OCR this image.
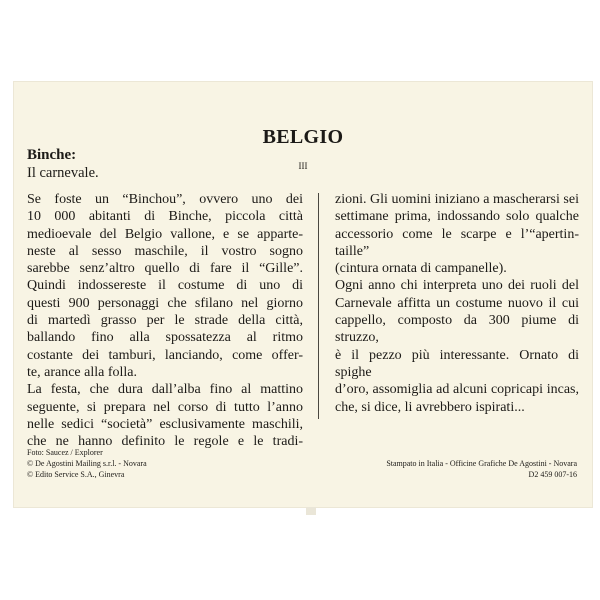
BELGIO
III
Binche:
Il carnevale.
Se foste un “Binchou”, ovvero uno dei
10 000 abitanti di Binche, piccola città
medioevale del Belgio vallone, e se apparte-
neste al sesso maschile, il vostro sogno
sarebbe senz’altro quello di fare il “Gille”.
Quindi indossereste il costume di uno di
questi 900 personaggi che sfilano nel giorno
di martedì grasso per le strade della città,
ballando fino alla spossatezza al ritmo
costante dei tamburi, lanciando, come offer-
te, arance alla folla.
La festa, che dura dall’alba fino al mattino
seguente, si prepara nel corso di tutto l’anno
nelle sedici “società” esclusivamente maschili,
che ne hanno definito le regole e le tradi-
zioni. Gli uomini iniziano a mascherarsi sei
settimane prima, indossando solo qualche
accessorio come le scarpe e l’“apertin-taille”
(cintura ornata di campanelle).
Ogni anno chi interpreta uno dei ruoli del
Carnevale affitta un costume nuovo il cui
cappello, composto da 300 piume di struzzo,
è il pezzo più interessante. Ornato di spighe
d’oro, assomiglia ad alcuni copricapi incas,
che, si dice, li avrebbero ispirati...
Foto: Saucez / Explorer
© De Agostini Mailing s.r.l. - Novara
© Edito Service S.A., Ginevra
Stampato in Italia - Officine Grafiche De Agostini - Novara
D2 459 007-16
